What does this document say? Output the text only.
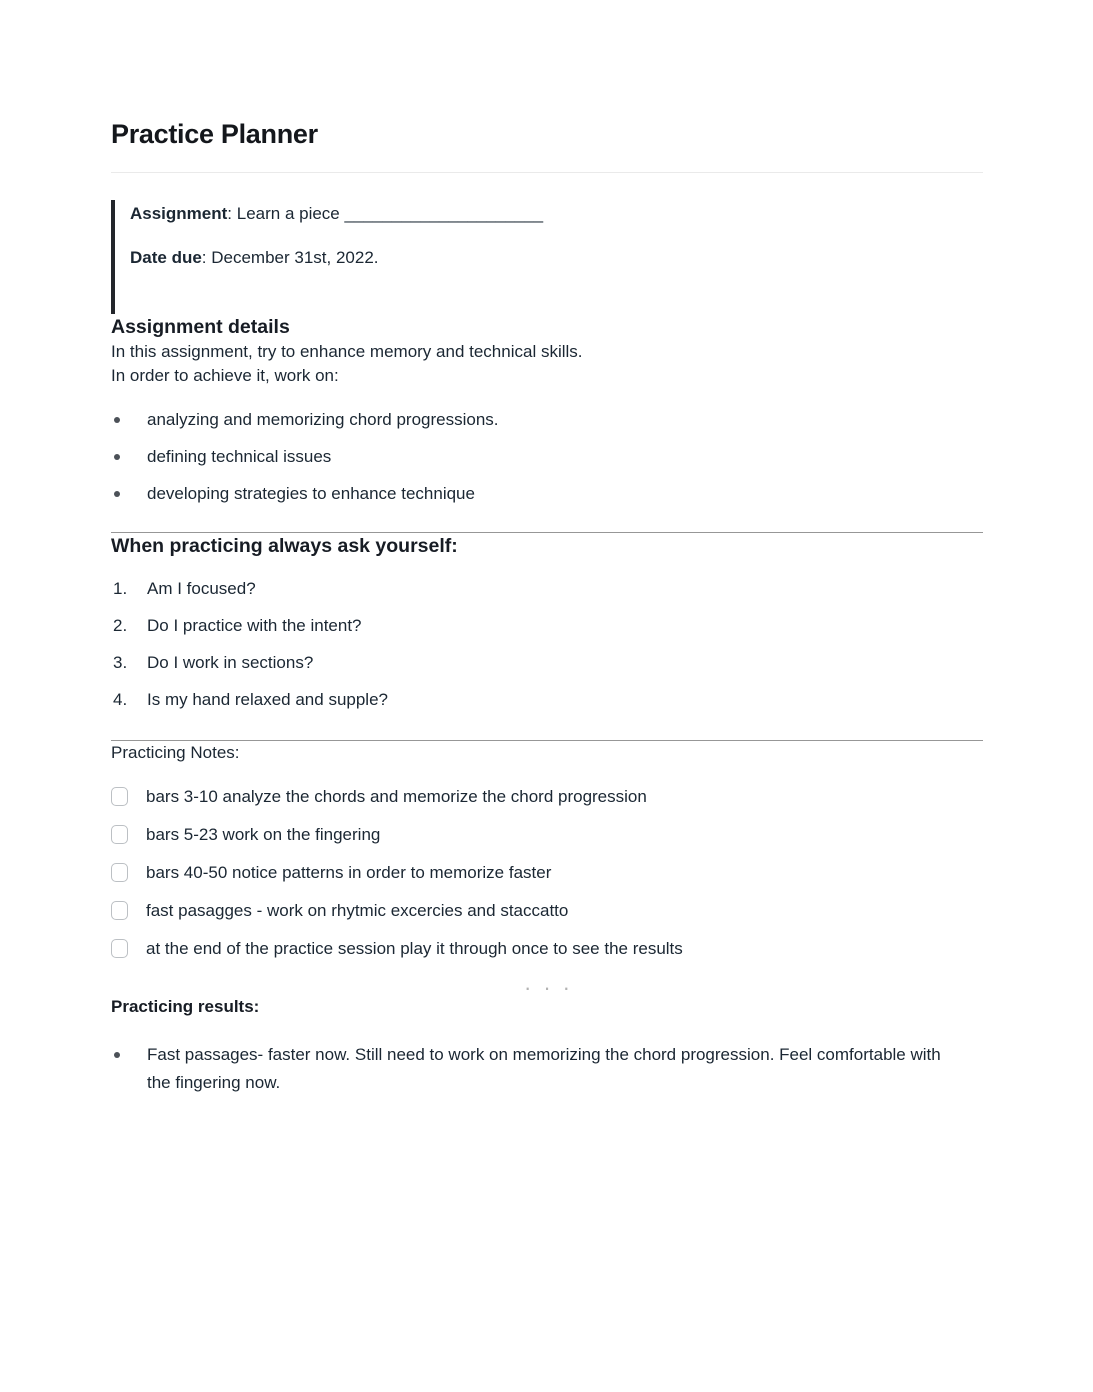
Practice Planner

Assignment: Learn a piece _____________________

Date due: December 31st, 2022.

Assignment details

In this assignment, try to enhance memory and technical skills.

In order to achieve it, work on:

analyzing and memorizing chord progressions.
defining technical issues
developing strategies to enhance technique
When practicing always ask yourself:
1.	Am I focused?
2.	Do I practice with the intent?
3.	Do I work in sections?
4.	Is my hand relaxed and supple?

Practicing Notes:

bars 3-10 analyze the chords and memorize the chord progression
bars 5-23 work on the fingering
bars 40-50 notice patterns in order to memorize faster
fast pasagges - work on rhytmic excercies and staccatto
at the end of the practice session play it through once to see the results
···

Practicing results:

Fast passages- faster now. Still need to work on memorizing the chord progression. Feel comfortable with the fingering now.
